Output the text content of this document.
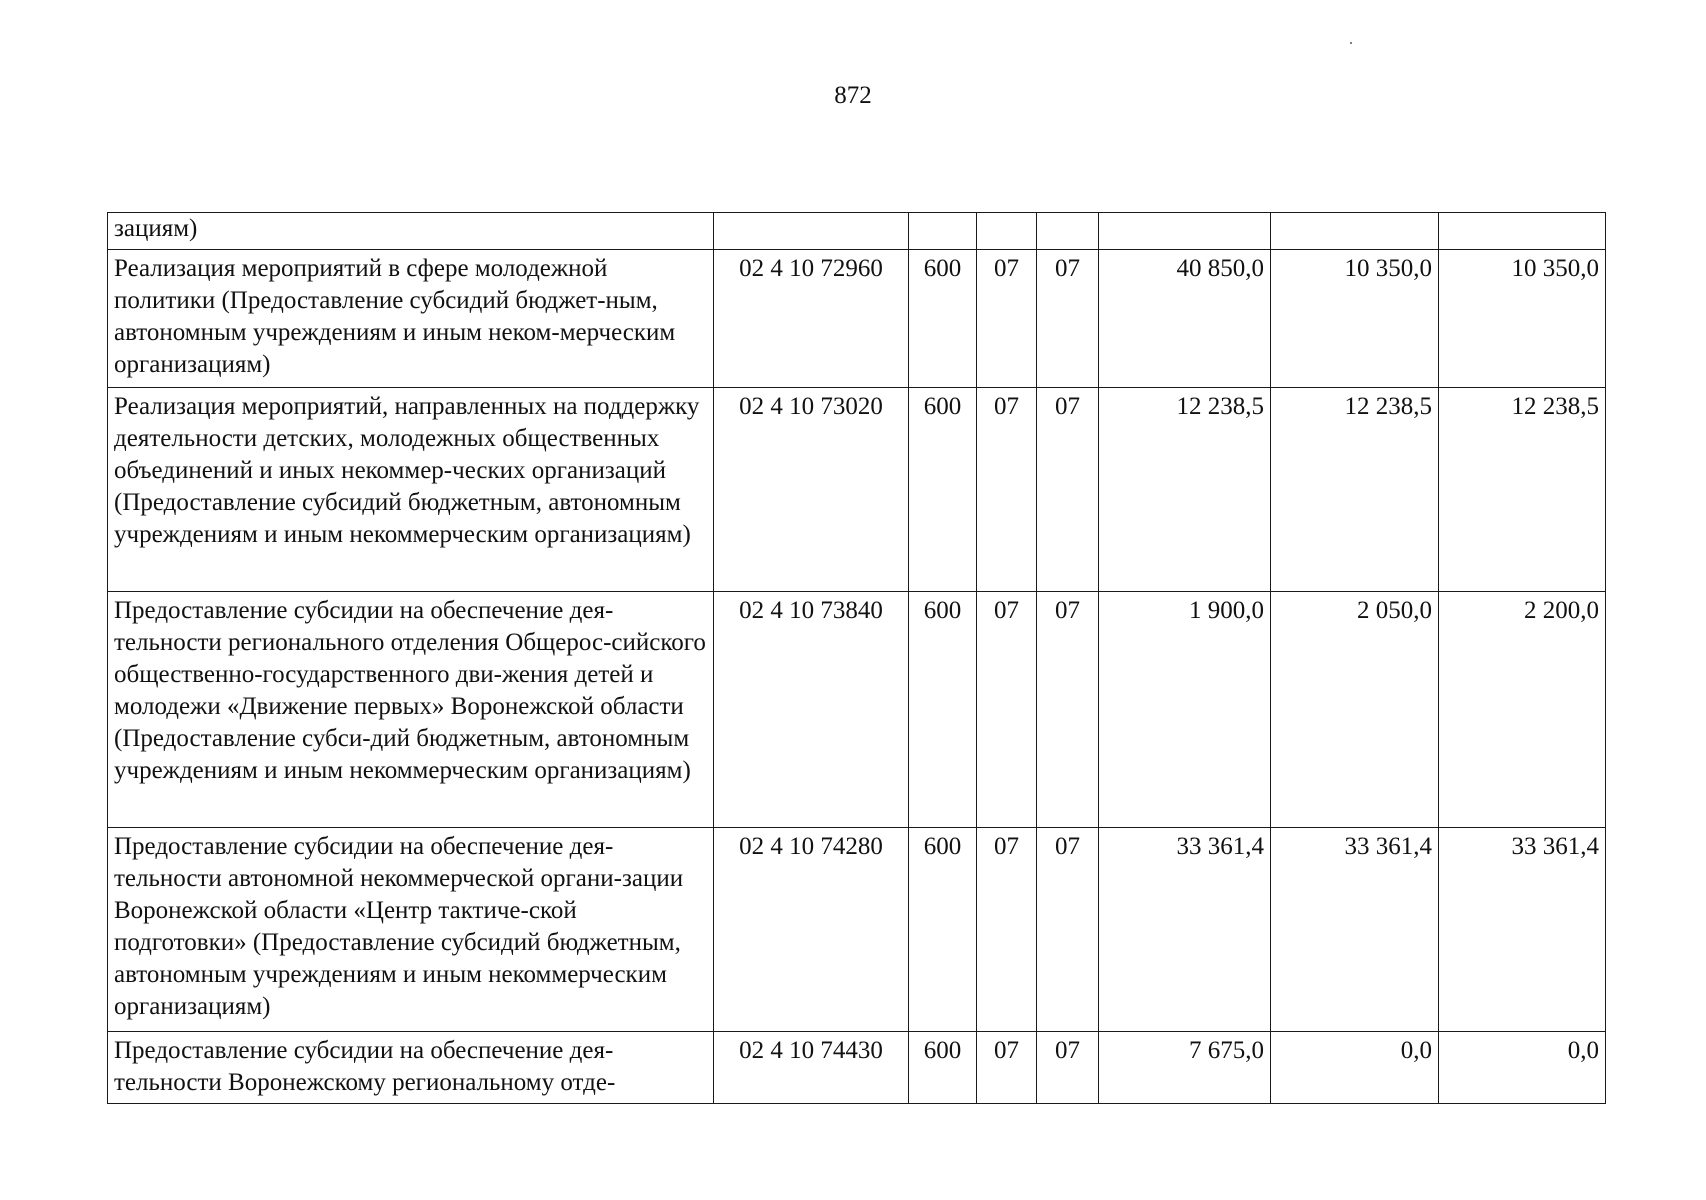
872
зациям)							
Реализация мероприятий в сфере молодежной политики (Предоставление субсидий бюджет-ным, автономным учреждениям и иным неком-мерческим организациям)	02 4 10 72960	600	07	07	40 850,0	10 350,0	10 350,0
Реализация мероприятий, направленных на поддержку деятельности детских, молодежных общественных объединений и иных некоммер-ческих организаций (Предоставление субсидий бюджетным, автономным учреждениям и иным некоммерческим организациям)	02 4 10 73020	600	07	07	12 238,5	12 238,5	12 238,5
Предоставление субсидии на обеспечение дея-тельности регионального отделения Общерос-сийского общественно-государственного дви-жения детей и молодежи «Движение первых» Воронежской области (Предоставление субси-дий бюджетным, автономным учреждениям и иным некоммерческим организациям)	02 4 10 73840	600	07	07	1 900,0	2 050,0	2 200,0
Предоставление субсидии на обеспечение дея-тельности автономной некоммерческой органи-зации Воронежской области «Центр тактиче-ской подготовки» (Предоставление субсидий бюджетным, автономным учреждениям и иным некоммерческим организациям)	02 4 10 74280	600	07	07	33 361,4	33 361,4	33 361,4
Предоставление субсидии на обеспечение дея-тельности Воронежскому региональному отде-	02 4 10 74430	600	07	07	7 675,0	0,0	0,0
